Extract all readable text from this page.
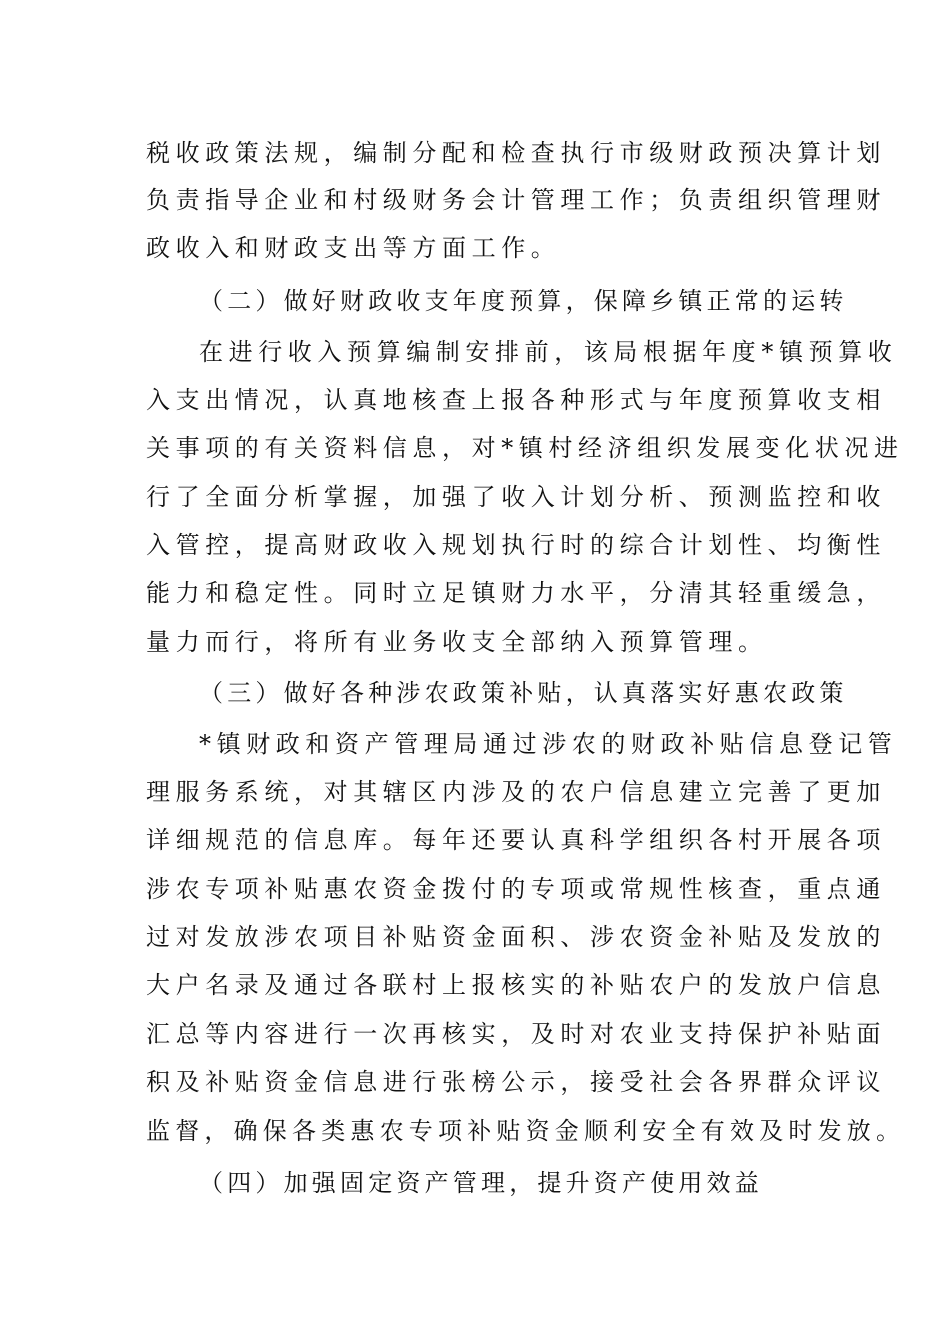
税收政策法规，编制分配和检查执行市级财政预决算计划
负责指导企业和村级财务会计管理工作；负责组织管理财
政收入和财政支出等方面工作。
（二）做好财政收支年度预算，保障乡镇正常的运转
在进行收入预算编制安排前，该局根据年度*镇预算收
入支出情况，认真地核查上报各种形式与年度预算收支相
关事项的有关资料信息，对*镇村经济组织发展变化状况进
行了全面分析掌握，加强了收入计划分析、预测监控和收
入管控，提高财政收入规划执行时的综合计划性、均衡性
能力和稳定性。同时立足镇财力水平，分清其轻重缓急，
量力而行，将所有业务收支全部纳入预算管理。
（三）做好各种涉农政策补贴，认真落实好惠农政策
*镇财政和资产管理局通过涉农的财政补贴信息登记管
理服务系统，对其辖区内涉及的农户信息建立完善了更加
详细规范的信息库。每年还要认真科学组织各村开展各项
涉农专项补贴惠农资金拨付的专项或常规性核查，重点通
过对发放涉农项目补贴资金面积、涉农资金补贴及发放的
大户名录及通过各联村上报核实的补贴农户的发放户信息
汇总等内容进行一次再核实，及时对农业支持保护补贴面
积及补贴资金信息进行张榜公示，接受社会各界群众评议
监督，确保各类惠农专项补贴资金顺利安全有效及时发放。
（四）加强固定资产管理，提升资产使用效益
